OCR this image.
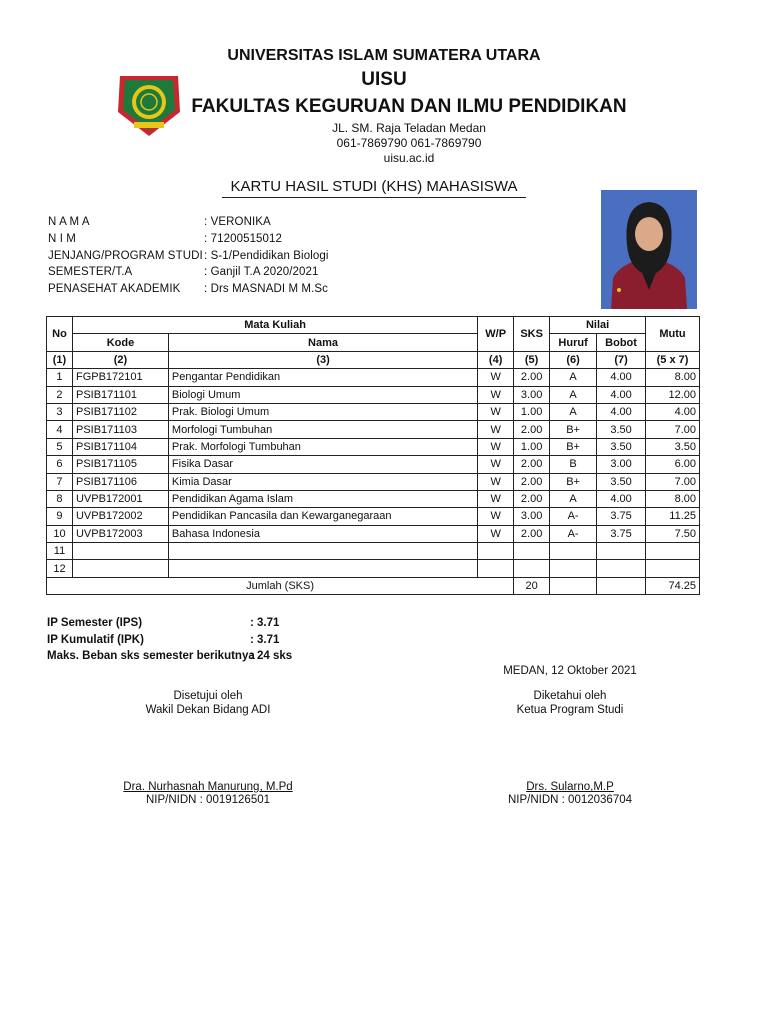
UNIVERSITAS ISLAM SUMATERA UTARA
UISU
FAKULTAS KEGURUAN DAN ILMU PENDIDIKAN
JL. SM. Raja Teladan Medan
061-7869790 061-7869790
uisu.ac.id
KARTU HASIL STUDI (KHS) MAHASISWA
N A M A	: VERONIKA
N I M	: 71200515012
JENJANG/PROGRAM STUDI : S-1/Pendidikan Biologi
SEMESTER/T.A	: Ganjil T.A 2020/2021
PENASEHAT AKADEMIK : Drs MASNADI M M.Sc
No	Mata Kuliah		W/P	SKS	Nilai		Mutu
	Kode	Nama			Huruf	Bobot	
(1)	(2)	(3)	(4)	(5)	(6)	(7)	(5 x 7)
1	FGPB172101	Pengantar Pendidikan	W	2.00	A	4.00	8.00
2	PSIB171101	Biologi Umum	W	3.00	A	4.00	12.00
3	PSIB171102	Prak. Biologi Umum	W	1.00	A	4.00	4.00
4	PSIB171103	Morfologi Tumbuhan	W	2.00	B+	3.50	7.00
5	PSIB171104	Prak. Morfologi Tumbuhan	W	1.00	B+	3.50	3.50
6	PSIB171105	Fisika Dasar	W	2.00	B	3.00	6.00
7	PSIB171106	Kimia Dasar	W	2.00	B+	3.50	7.00
8	UVPB172001	Pendidikan Agama Islam	W	2.00	A	4.00	8.00
9	UVPB172002	Pendidikan Pancasila dan Kewarganegaraan	W	3.00	A-	3.75	11.25
10	UVPB172003	Bahasa Indonesia	W	2.00	A-	3.75	7.50
11							
12							
Jumlah (SKS)				20			74.25
IP Semester (IPS)	: 3.71
IP Kumulatif (IPK)	: 3.71
Maks. Beban sks semester berikutnya
: 24 sks
MEDAN, 12 Oktober 2021
Disetujui oleh
Wakil Dekan Bidang ADI
Dra. Nurhasnah Manurung, M.Pd
NIP/NIDN : 0019126501
Diketahui oleh
Ketua Program Studi
Drs. Sularno,M.P
NIP/NIDN : 0012036704
